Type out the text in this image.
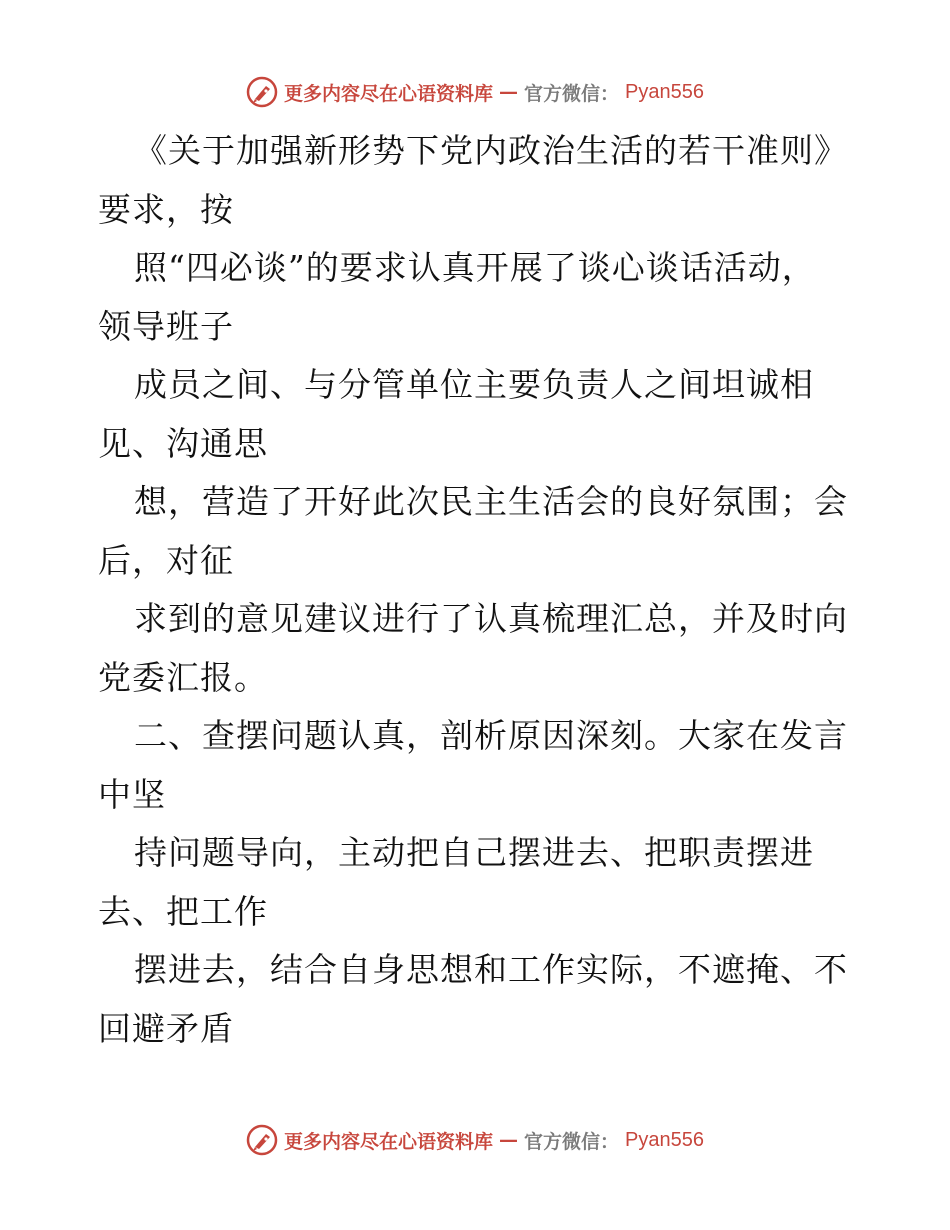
更多内容尽在心语资料库 — 官方微信： Pyan556
《关于加强新形势下党内政治生活的若干准则》
要求，按
照“四必谈”的要求认真开展了谈心谈话活动，
领导班子
成员之间、与分管单位主要负责人之间坦诚相
见、沟通思
想，营造了开好此次民主生活会的良好氛围；会
后，对征
求到的意见建议进行了认真梳理汇总，并及时向
党委汇报。
二、查摆问题认真，剖析原因深刻。大家在发言
中坚
持问题导向，主动把自己摆进去、把职责摆进
去、把工作
摆进去，结合自身思想和工作实际，不遮掩、不
回避矛盾
更多内容尽在心语资料库 — 官方微信： Pyan556
